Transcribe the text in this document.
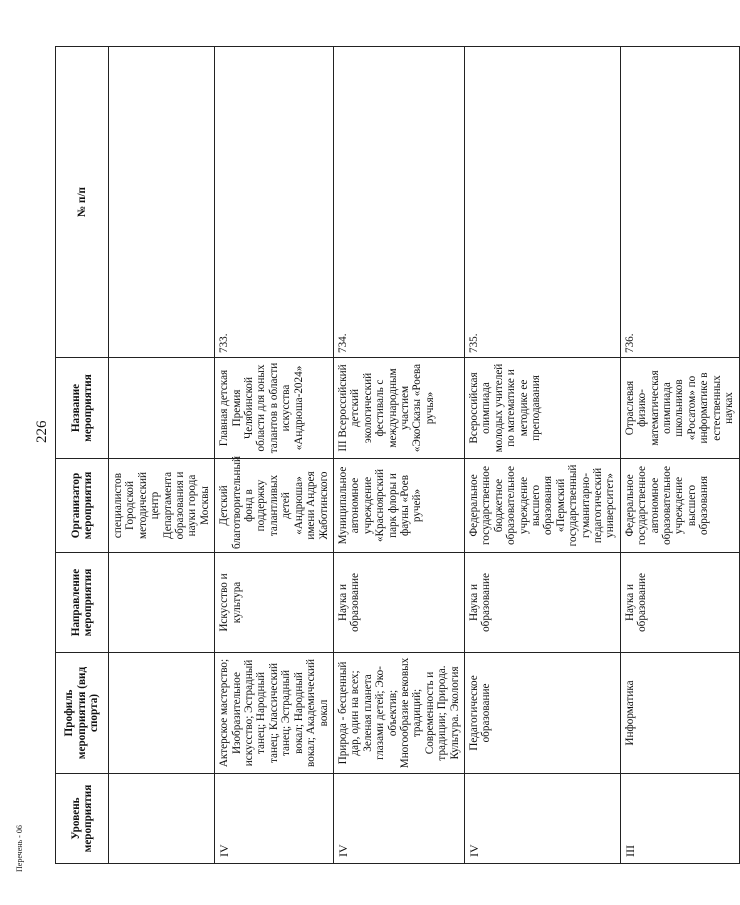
226
Перечень - 06
Уровень мероприятия	Профиль мероприятия (вид спорта)	Направление мероприятия	Организатор мероприятия	Название мероприятия	№ п/п
			специалистов Городской методический центр Департамента образования и науки города Москвы		
IV	Актерское мастерство; Изобразительное искусство; Эстрадный танец; Народный танец; Классический танец; Эстрадный вокал; Народный вокал; Академический вокал	Искусство и культура	Детский благотворительный фонд в поддержку талантливых детей «Андрюша» имени Андрея Жаботинского	Главная детская Премия Челябинской области для юных талантов в области искусства «Андрюша-2024»	733.
IV	Природа - бесценный дар, один на всех; Зеленая планета глазами детей; Эко-объектив; Многообразие вековых традиций; Современность и традиции; Природа. Культура. Экология	Наука и образование	Муниципальное автономное учреждение «Красноярский парк флоры и фауны «Роев ручей»	III Всероссийский детский экологический фестиваль с международным участием «ЭкоСказы «Роева ручья»	734.
IV	Педагогическое образование	Наука и образование	Федеральное государственное бюджетное образовательное учреждение высшего образования «Пермский государственный гуманитарно-педагогический университет»	Всероссийская олимпиада молодых учителей по математике и методике ее преподавания	735.
III	Информатика	Наука и образование	Федеральное государственное автономное образовательное учреждение высшего образования	Отраслевая физико-математическая олимпиада школьников «Росатом» по информатике в естественных науках	736.
